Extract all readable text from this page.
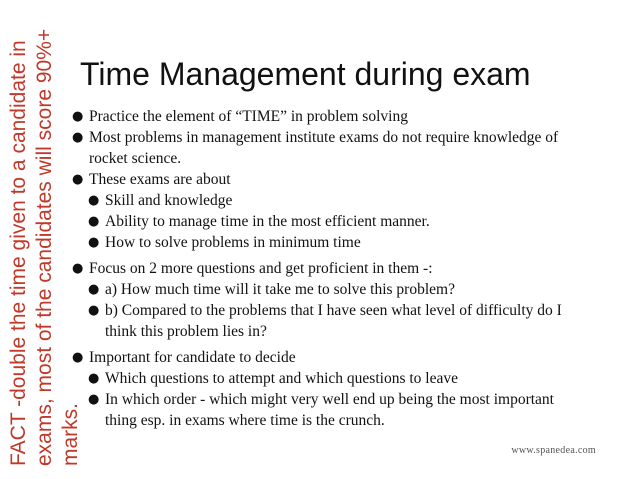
FACT -double the time given to a candidate in exams, most of the candidates will score 90%+ marks.
Time Management during exam
● Practice the element of “TIME” in problem solving
● Most problems in management institute exams do not require knowledge of
rocket science.
● These exams are about
● Skill and knowledge
● Ability to manage time in the most efficient manner.
● How to solve problems in minimum time
● Focus on 2 more questions and get proficient in them -:
● a) How much time will it take me to solve this problem?
● b) Compared to the problems that I have seen what level of difficulty do I
think this problem lies in?
● Important for candidate to decide
● Which questions to attempt and which questions to leave
● In which order - which might very well end up being the most important
thing esp. in exams where time is the crunch.
www.spanedea.com
